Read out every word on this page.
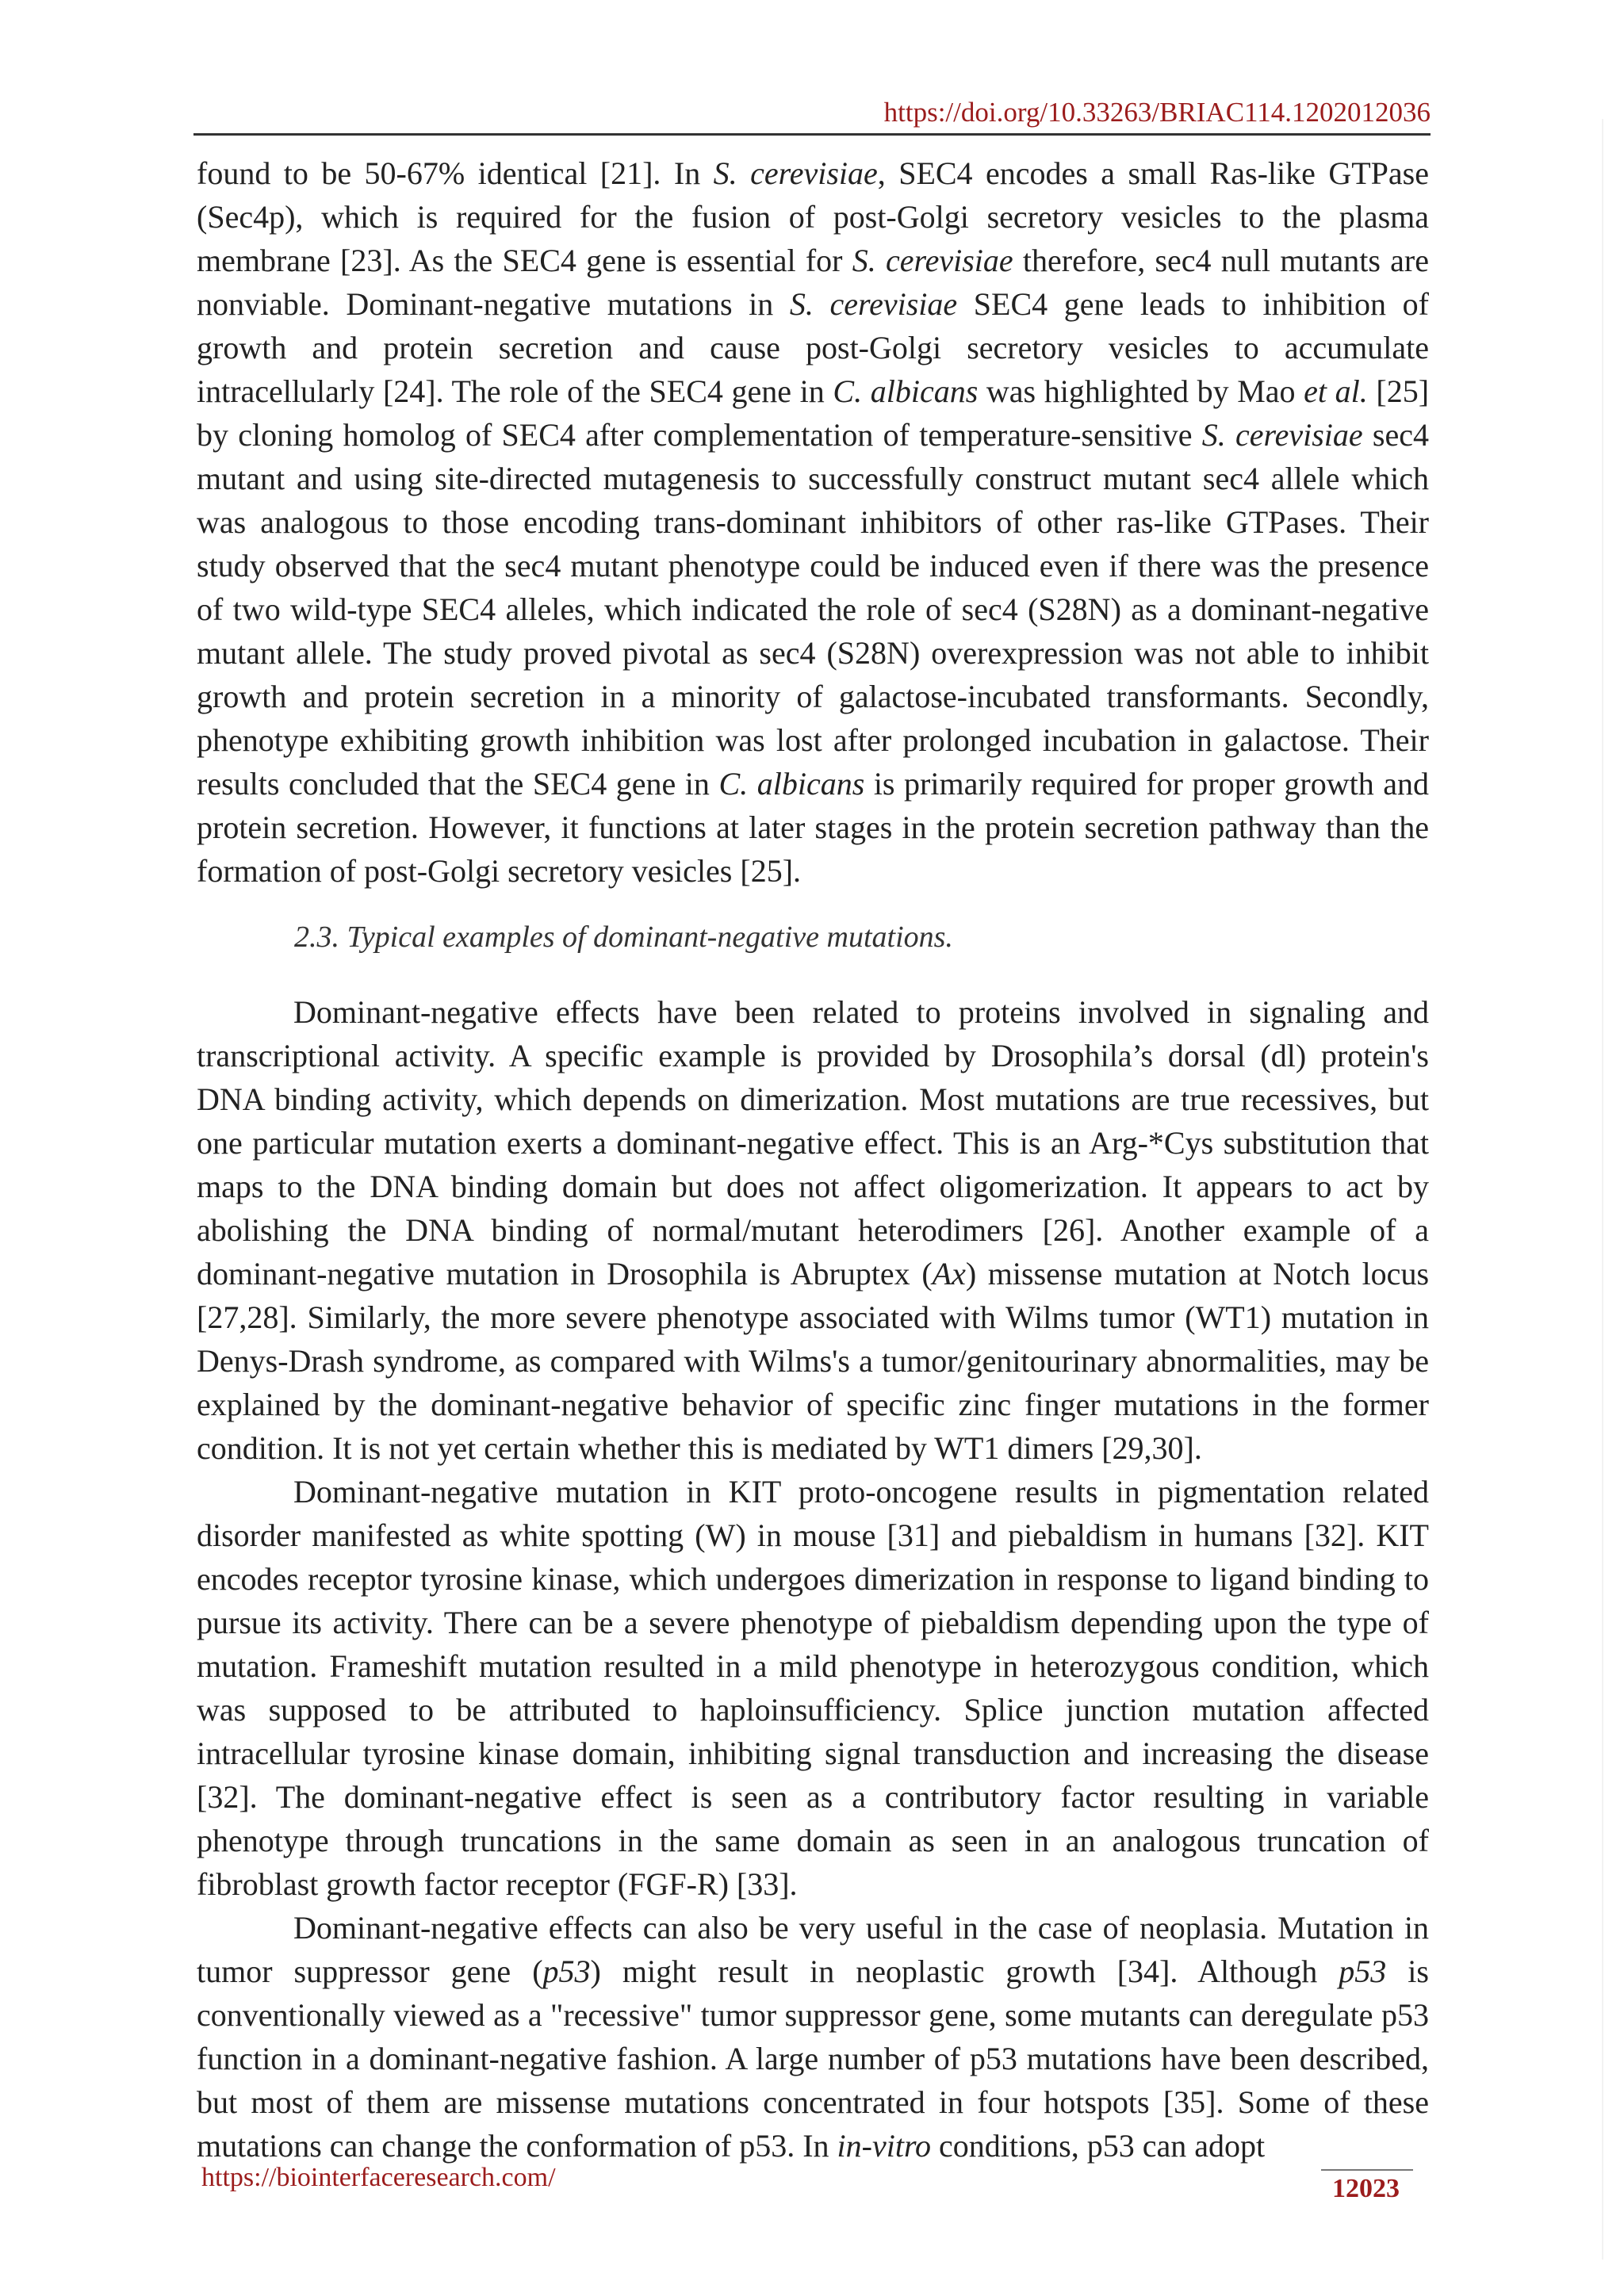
https://doi.org/10.33263/BRIAC114.1202012036

found to be 50-67% identical [21]. In S. cerevisiae, SEC4 encodes a small Ras-like GTPase (Sec4p), which is required for the fusion of post-Golgi secretory vesicles to the plasma membrane [23]. As the SEC4 gene is essential for S. cerevisiae therefore, sec4 null mutants are nonviable. Dominant-negative mutations in S. cerevisiae SEC4 gene leads to inhibition of growth and protein secretion and cause post-Golgi secretory vesicles to accumulate intracellularly [24]. The role of the SEC4 gene in C. albicans was highlighted by Mao et al. [25] by cloning homolog of SEC4 after complementation of temperature-sensitive S. cerevisiae sec4 mutant and using site-directed mutagenesis to successfully construct mutant sec4 allele which was analogous to those encoding trans-dominant inhibitors of other ras-like GTPases. Their study observed that the sec4 mutant phenotype could be induced even if there was the presence of two wild-type SEC4 alleles, which indicated the role of sec4 (S28N) as a dominant-negative mutant allele. The study proved pivotal as sec4 (S28N) overexpression was not able to inhibit growth and protein secretion in a minority of galactose-incubated transformants. Secondly, phenotype exhibiting growth inhibition was lost after prolonged incubation in galactose. Their results concluded that the SEC4 gene in C. albicans is primarily required for proper growth and protein secretion. However, it functions at later stages in the protein secretion pathway than the formation of post-Golgi secretory vesicles [25].

2.3. Typical examples of dominant-negative mutations.

Dominant-negative effects have been related to proteins involved in signaling and transcriptional activity. A specific example is provided by Drosophila’s dorsal (dl) protein's DNA binding activity, which depends on dimerization. Most mutations are true recessives, but one particular mutation exerts a dominant-negative effect. This is an Arg-*Cys substitution that maps to the DNA binding domain but does not affect oligomerization. It appears to act by abolishing the DNA binding of normal/mutant heterodimers [26]. Another example of a dominant-negative mutation in Drosophila is Abruptex (Ax) missense mutation at Notch locus [27,28]. Similarly, the more severe phenotype associated with Wilms tumor (WT1) mutation in Denys-Drash syndrome, as compared with Wilms's a tumor/genitourinary abnormalities, may be explained by the dominant-negative behavior of specific zinc finger mutations in the former condition. It is not yet certain whether this is mediated by WT1 dimers [29,30].

Dominant-negative mutation in KIT proto-oncogene results in pigmentation related disorder manifested as white spotting (W) in mouse [31] and piebaldism in humans [32]. KIT encodes receptor tyrosine kinase, which undergoes dimerization in response to ligand binding to pursue its activity. There can be a severe phenotype of piebaldism depending upon the type of mutation. Frameshift mutation resulted in a mild phenotype in heterozygous condition, which was supposed to be attributed to haploinsufficiency. Splice junction mutation affected intracellular tyrosine kinase domain, inhibiting signal transduction and increasing the disease [32]. The dominant-negative effect is seen as a contributory factor resulting in variable phenotype through truncations in the same domain as seen in an analogous truncation of fibroblast growth factor receptor (FGF-R) [33].

Dominant-negative effects can also be very useful in the case of neoplasia. Mutation in tumor suppressor gene (p53) might result in neoplastic growth [34]. Although p53 is conventionally viewed as a "recessive" tumor suppressor gene, some mutants can deregulate p53 function in a dominant-negative fashion. A large number of p53 mutations have been described, but most of them are missense mutations concentrated in four hotspots [35]. Some of these mutations can change the conformation of p53. In in-vitro conditions, p53 can adopt

https://biointerfaceresearch.com/	12023
